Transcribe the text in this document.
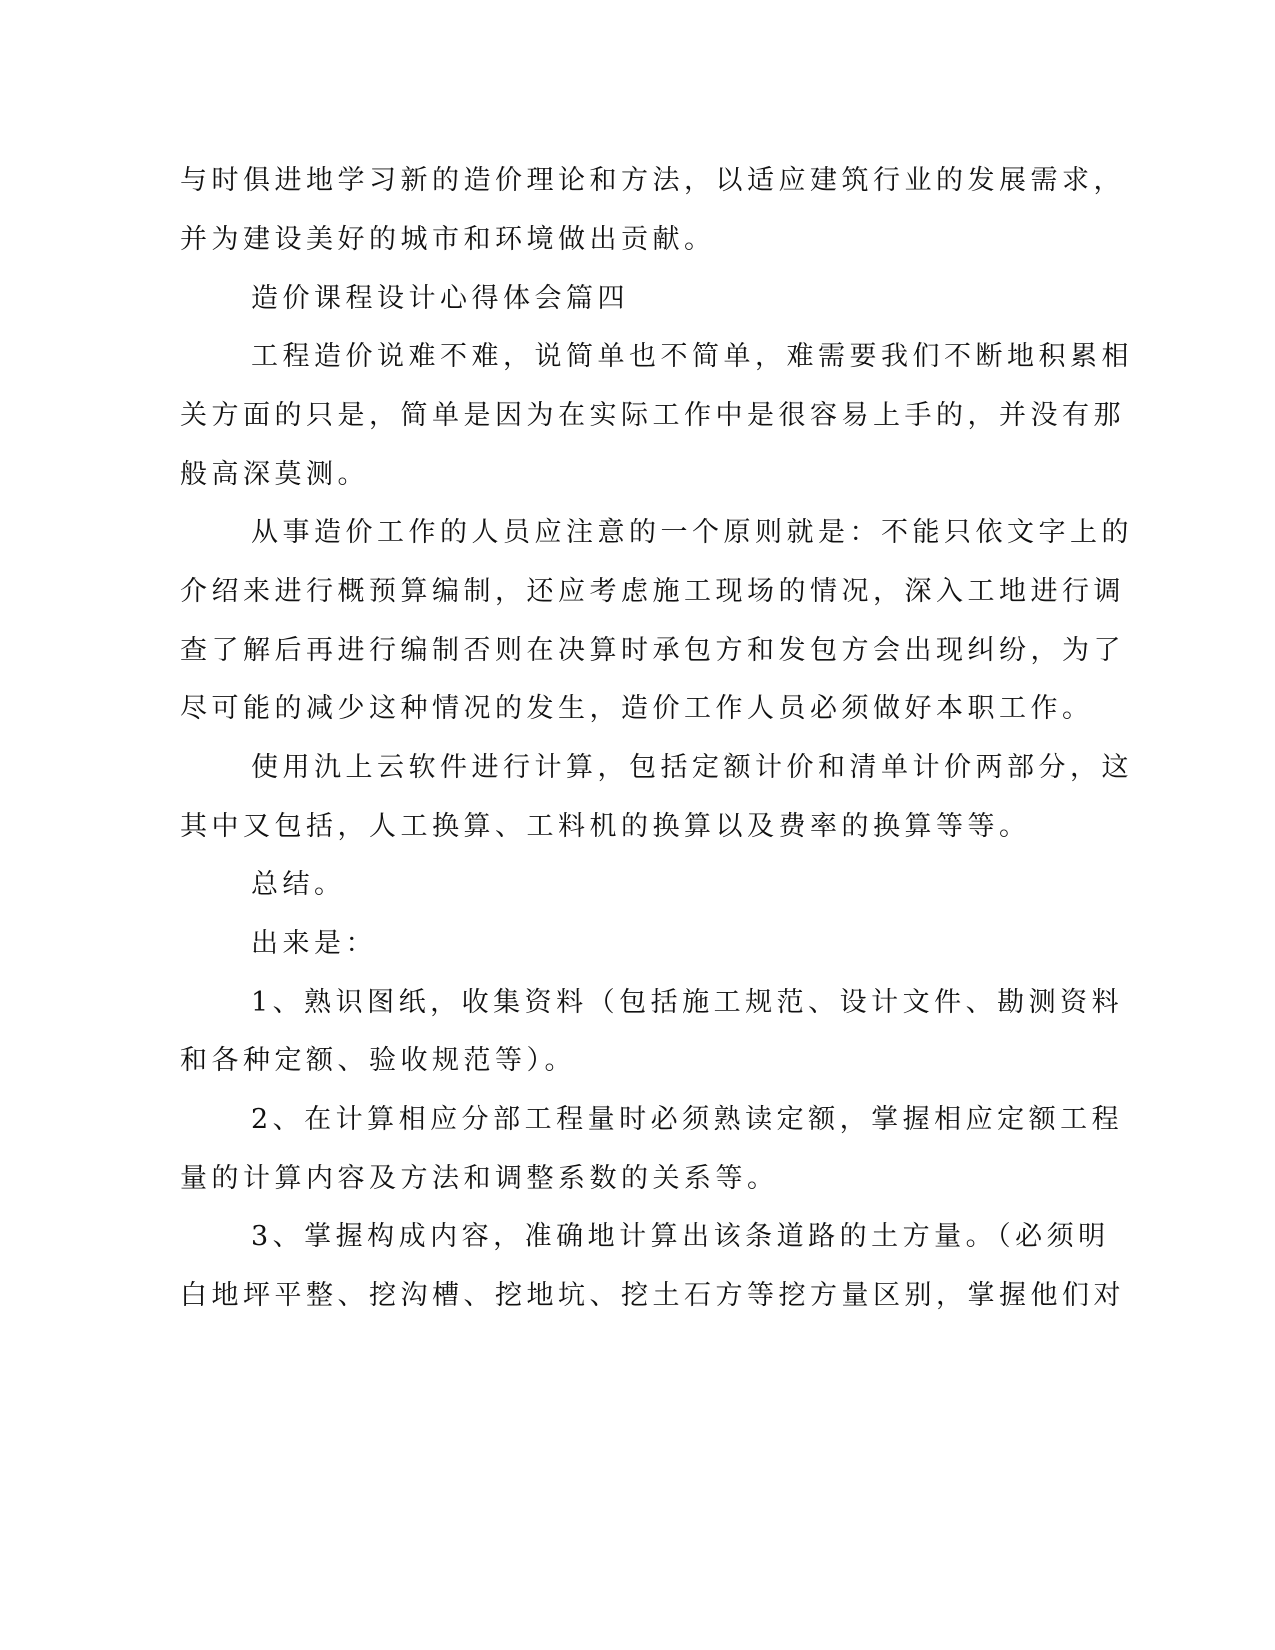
与时俱进地学习新的造价理论和方法，以适应建筑行业的发展需求，
并为建设美好的城市和环境做出贡献。
造价课程设计心得体会篇四
工程造价说难不难，说简单也不简单，难需要我们不断地积累相
关方面的只是，简单是因为在实际工作中是很容易上手的，并没有那
般高深莫测。
从事造价工作的人员应注意的一个原则就是：不能只依文字上的
介绍来进行概预算编制，还应考虑施工现场的情况，深入工地进行调
查了解后再进行编制否则在决算时承包方和发包方会出现纠纷，为了
尽可能的减少这种情况的发生，造价工作人员必须做好本职工作。
使用氿上云软件进行计算，包括定额计价和清单计价两部分，这
其中又包括，人工换算、工料机的换算以及费率的换算等等。
总结。
出来是：
1、熟识图纸，收集资料（包括施工规范、设计文件、勘测资料
和各种定额、验收规范等）。
2、在计算相应分部工程量时必须熟读定额，掌握相应定额工程
量的计算内容及方法和调整系数的关系等。
3、掌握构成内容，准确地计算出该条道路的土方量。（必须明
白地坪平整、挖沟槽、挖地坑、挖土石方等挖方量区别，掌握他们对
